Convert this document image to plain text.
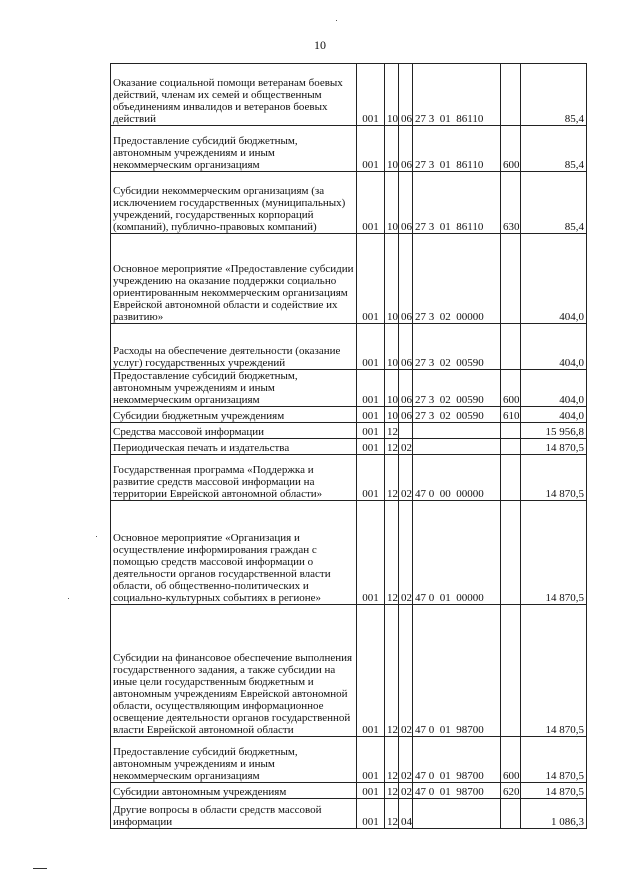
10
Оказание социальной помощи ветеранам боевых действий, членам их семей и общественным объединениям инвалидов и ветеранов боевых действий	001	10	06	27 3  01  86110		85,4
Предоставление субсидий бюджетным, автономным учреждениям и иным некоммерческим организациям	001	10	06	27 3  01  86110	600	85,4
Субсидии некоммерческим организациям (за исключением государственных (муниципальных) учреждений, государственных корпораций (компаний), публично-правовых компаний)	001	10	06	27 3  01  86110	630	85,4
Основное мероприятие «Предоставление субсидии учреждению на оказание поддержки социально ориентированным некоммерческим организациям Еврейской автономной области и содействие их развитию»	001	10	06	27 3  02  00000		404,0
Расходы на обеспечение деятельности (оказание услуг) государственных учреждений	001	10	06	27 3  02  00590		404,0
Предоставление субсидий бюджетным, автономным учреждениям и иным некоммерческим организациям	001	10	06	27 3  02  00590	600	404,0
Субсидии бюджетным учреждениям	001	10	06	27 3  02  00590	610	404,0
Средства массовой информации	001	12				15 956,8
Периодическая печать и издательства	001	12	02			14 870,5
Государственная программа «Поддержка и развитие средств массовой информации на территории Еврейской автономной области»	001	12	02	47 0  00  00000		14 870,5
Основное мероприятие «Организация и осуществление информирования граждан с помощью средств массовой информации о деятельности органов государственной власти области, об общественно-политических и социально-культурных событиях в регионе»	001	12	02	47 0  01  00000		14 870,5
Субсидии на финансовое обеспечение выполнения государственного задания, а также субсидии на иные цели государственным бюджетным и автономным учреждениям Еврейской автономной области, осуществляющим информационное освещение деятельности органов государственной власти Еврейской автономной области	001	12	02	47 0  01  98700		14 870,5
Предоставление субсидий бюджетным, автономным учреждениям и иным некоммерческим организациям	001	12	02	47 0  01  98700	600	14 870,5
Субсидии автономным учреждениям	001	12	02	47 0  01  98700	620	14 870,5
Другие вопросы в области средств массовой информации	001	12	04			1 086,3
